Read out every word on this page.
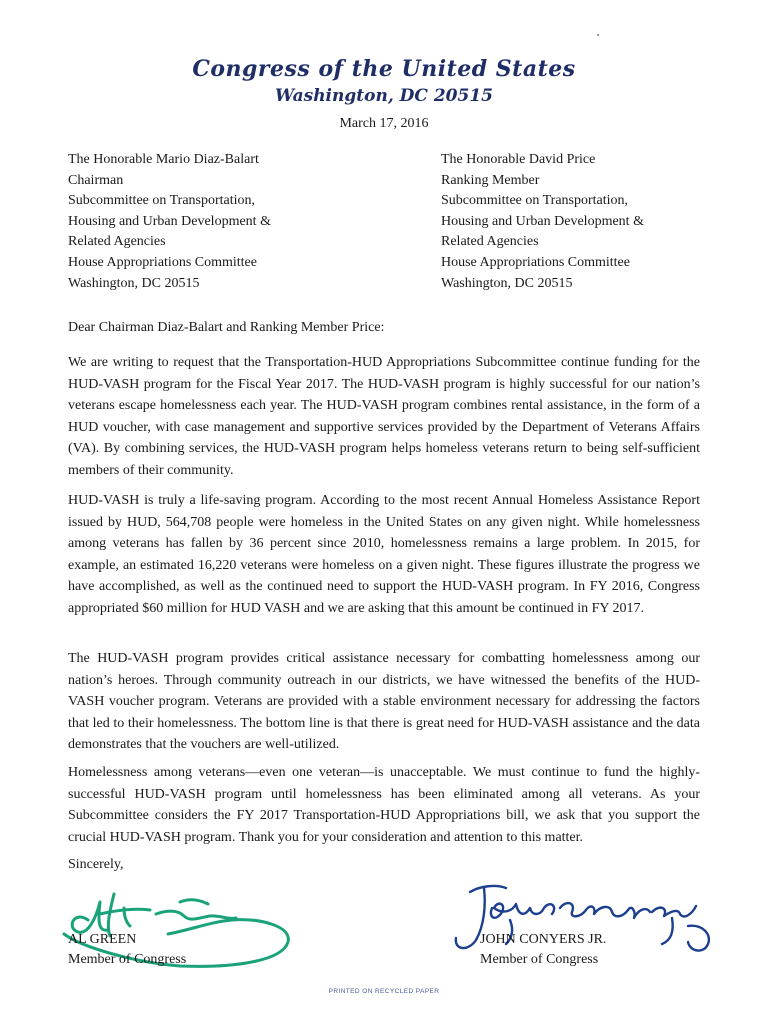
Congress of the United States
Washington, DC 20515
March 17, 2016
The Honorable Mario Diaz-Balart
Chairman
Subcommittee on Transportation,
Housing and Urban Development &
Related Agencies
House Appropriations Committee
Washington, DC 20515
The Honorable David Price
Ranking Member
Subcommittee on Transportation,
Housing and Urban Development &
Related Agencies
House Appropriations Committee
Washington, DC 20515
Dear Chairman Diaz-Balart and Ranking Member Price:

We are writing to request that the Transportation-HUD Appropriations Subcommittee continue funding for the HUD-VASH program for the Fiscal Year 2017. The HUD-VASH program is highly successful for our nation’s veterans escape homelessness each year. The HUD-VASH program combines rental assistance, in the form of a HUD voucher, with case management and supportive services provided by the Department of Veterans Affairs (VA). By combining services, the HUD-VASH program helps homeless veterans return to being self-sufficient members of their community.

HUD-VASH is truly a life-saving program. According to the most recent Annual Homeless Assistance Report issued by HUD, 564,708 people were homeless in the United States on any given night. While homelessness among veterans has fallen by 36 percent since 2010, homelessness remains a large problem. In 2015, for example, an estimated 16,220 veterans were homeless on a given night. These figures illustrate the progress we have accomplished, as well as the continued need to support the HUD-VASH program. In FY 2016, Congress appropriated $60 million for HUD VASH and we are asking that this amount be continued in FY 2017.

The HUD-VASH program provides critical assistance necessary for combatting homelessness among our nation’s heroes. Through community outreach in our districts, we have witnessed the benefits of the HUD-VASH voucher program. Veterans are provided with a stable environment necessary for addressing the factors that led to their homelessness. The bottom line is that there is great need for HUD-VASH assistance and the data demonstrates that the vouchers are well-utilized.

Homelessness among veterans—even one veteran—is unacceptable. We must continue to fund the highly-successful HUD-VASH program until homelessness has been eliminated among all veterans. As your Subcommittee considers the FY 2017 Transportation-HUD Appropriations bill, we ask that you support the crucial HUD-VASH program. Thank you for your consideration and attention to this matter.

Sincerely,
AL GREEN
Member of Congress
JOHN CONYERS JR.
Member of Congress
PRINTED ON RECYCLED PAPER
